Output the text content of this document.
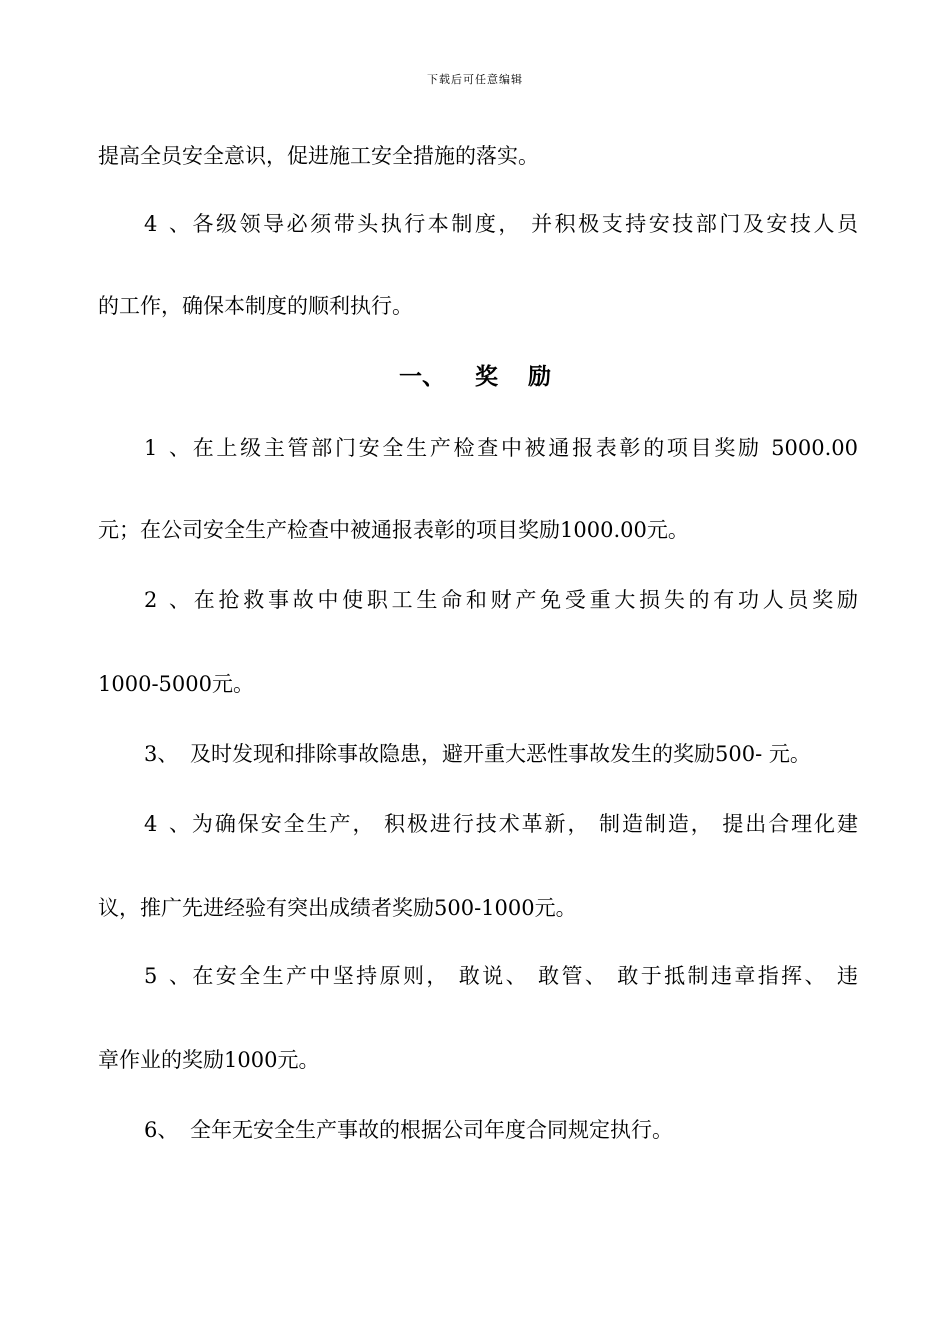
下载后可任意编辑
提高全员安全意识，促进施工安全措施的落实。
4、各级领导必须带头执行本制度， 并积极支持安技部门及安技人员
的工作，确保本制度的顺利执行。
一、 奖 励
1、在上级主管部门安全生产检查中被通报表彰的项目奖励 5000.00
元；在公司安全生产检查中被通报表彰的项目奖励1000.00元。
2、在抢救事故中使职工生命和财产免受重大损失的有功人员奖励
1000-5000元。
3、 及时发现和排除事故隐患，避开重大恶性事故发生的奖励500- 元。
4、为确保安全生产， 积极进行技术革新， 制造制造， 提出合理化建
议，推广先进经验有突出成绩者奖励500-1000元。
5、在安全生产中坚持原则， 敢说、 敢管、 敢于抵制违章指挥、 违
章作业的奖励1000元。
6、 全年无安全生产事故的根据公司年度合同规定执行。
